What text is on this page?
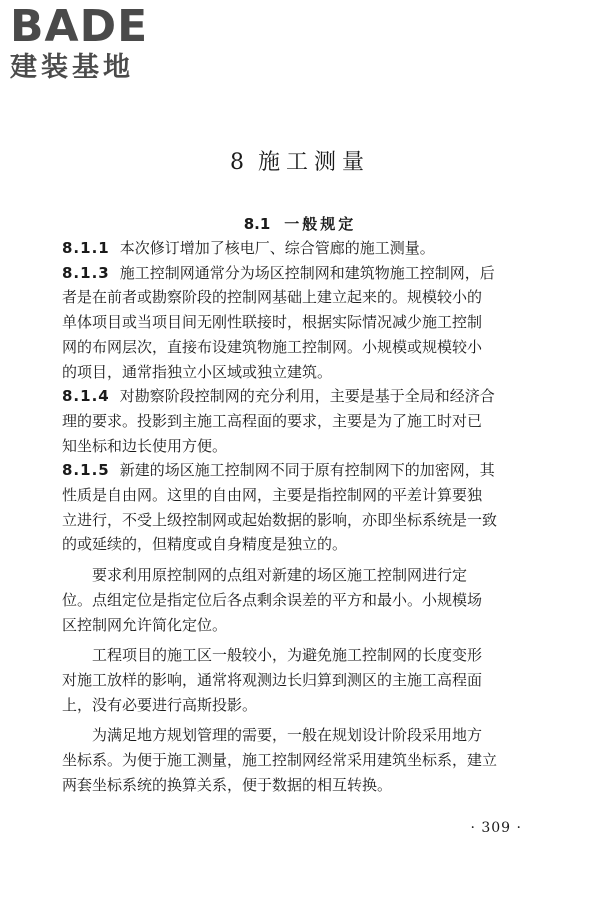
BADE
建装基地
8 施工测量
8.1 一般规定
8.1.1 本次修订增加了核电厂、综合管廊的施工测量。
8.1.3 施工控制网通常分为场区控制网和建筑物施工控制网，后
者是在前者或勘察阶段的控制网基础上建立起来的。规模较小的
单体项目或当项目间无刚性联接时，根据实际情况减少施工控制
网的布网层次，直接布设建筑物施工控制网。小规模或规模较小
的项目，通常指独立小区域或独立建筑。
8.1.4 对勘察阶段控制网的充分利用，主要是基于全局和经济合
理的要求。投影到主施工高程面的要求，主要是为了施工时对已
知坐标和边长使用方便。
8.1.5 新建的场区施工控制网不同于原有控制网下的加密网，其
性质是自由网。这里的自由网，主要是指控制网的平差计算要独
立进行，不受上级控制网或起始数据的影响，亦即坐标系统是一致
的或延续的，但精度或自身精度是独立的。
要求利用原控制网的点组对新建的场区施工控制网进行定
位。点组定位是指定位后各点剩余误差的平方和最小。小规模场
区控制网允许简化定位。
工程项目的施工区一般较小，为避免施工控制网的长度变形
对施工放样的影响，通常将观测边长归算到测区的主施工高程面
上，没有必要进行高斯投影。
为满足地方规划管理的需要，一般在规划设计阶段采用地方
坐标系。为便于施工测量，施工控制网经常采用建筑坐标系，建立
两套坐标系统的换算关系，便于数据的相互转换。
· 309 ·
